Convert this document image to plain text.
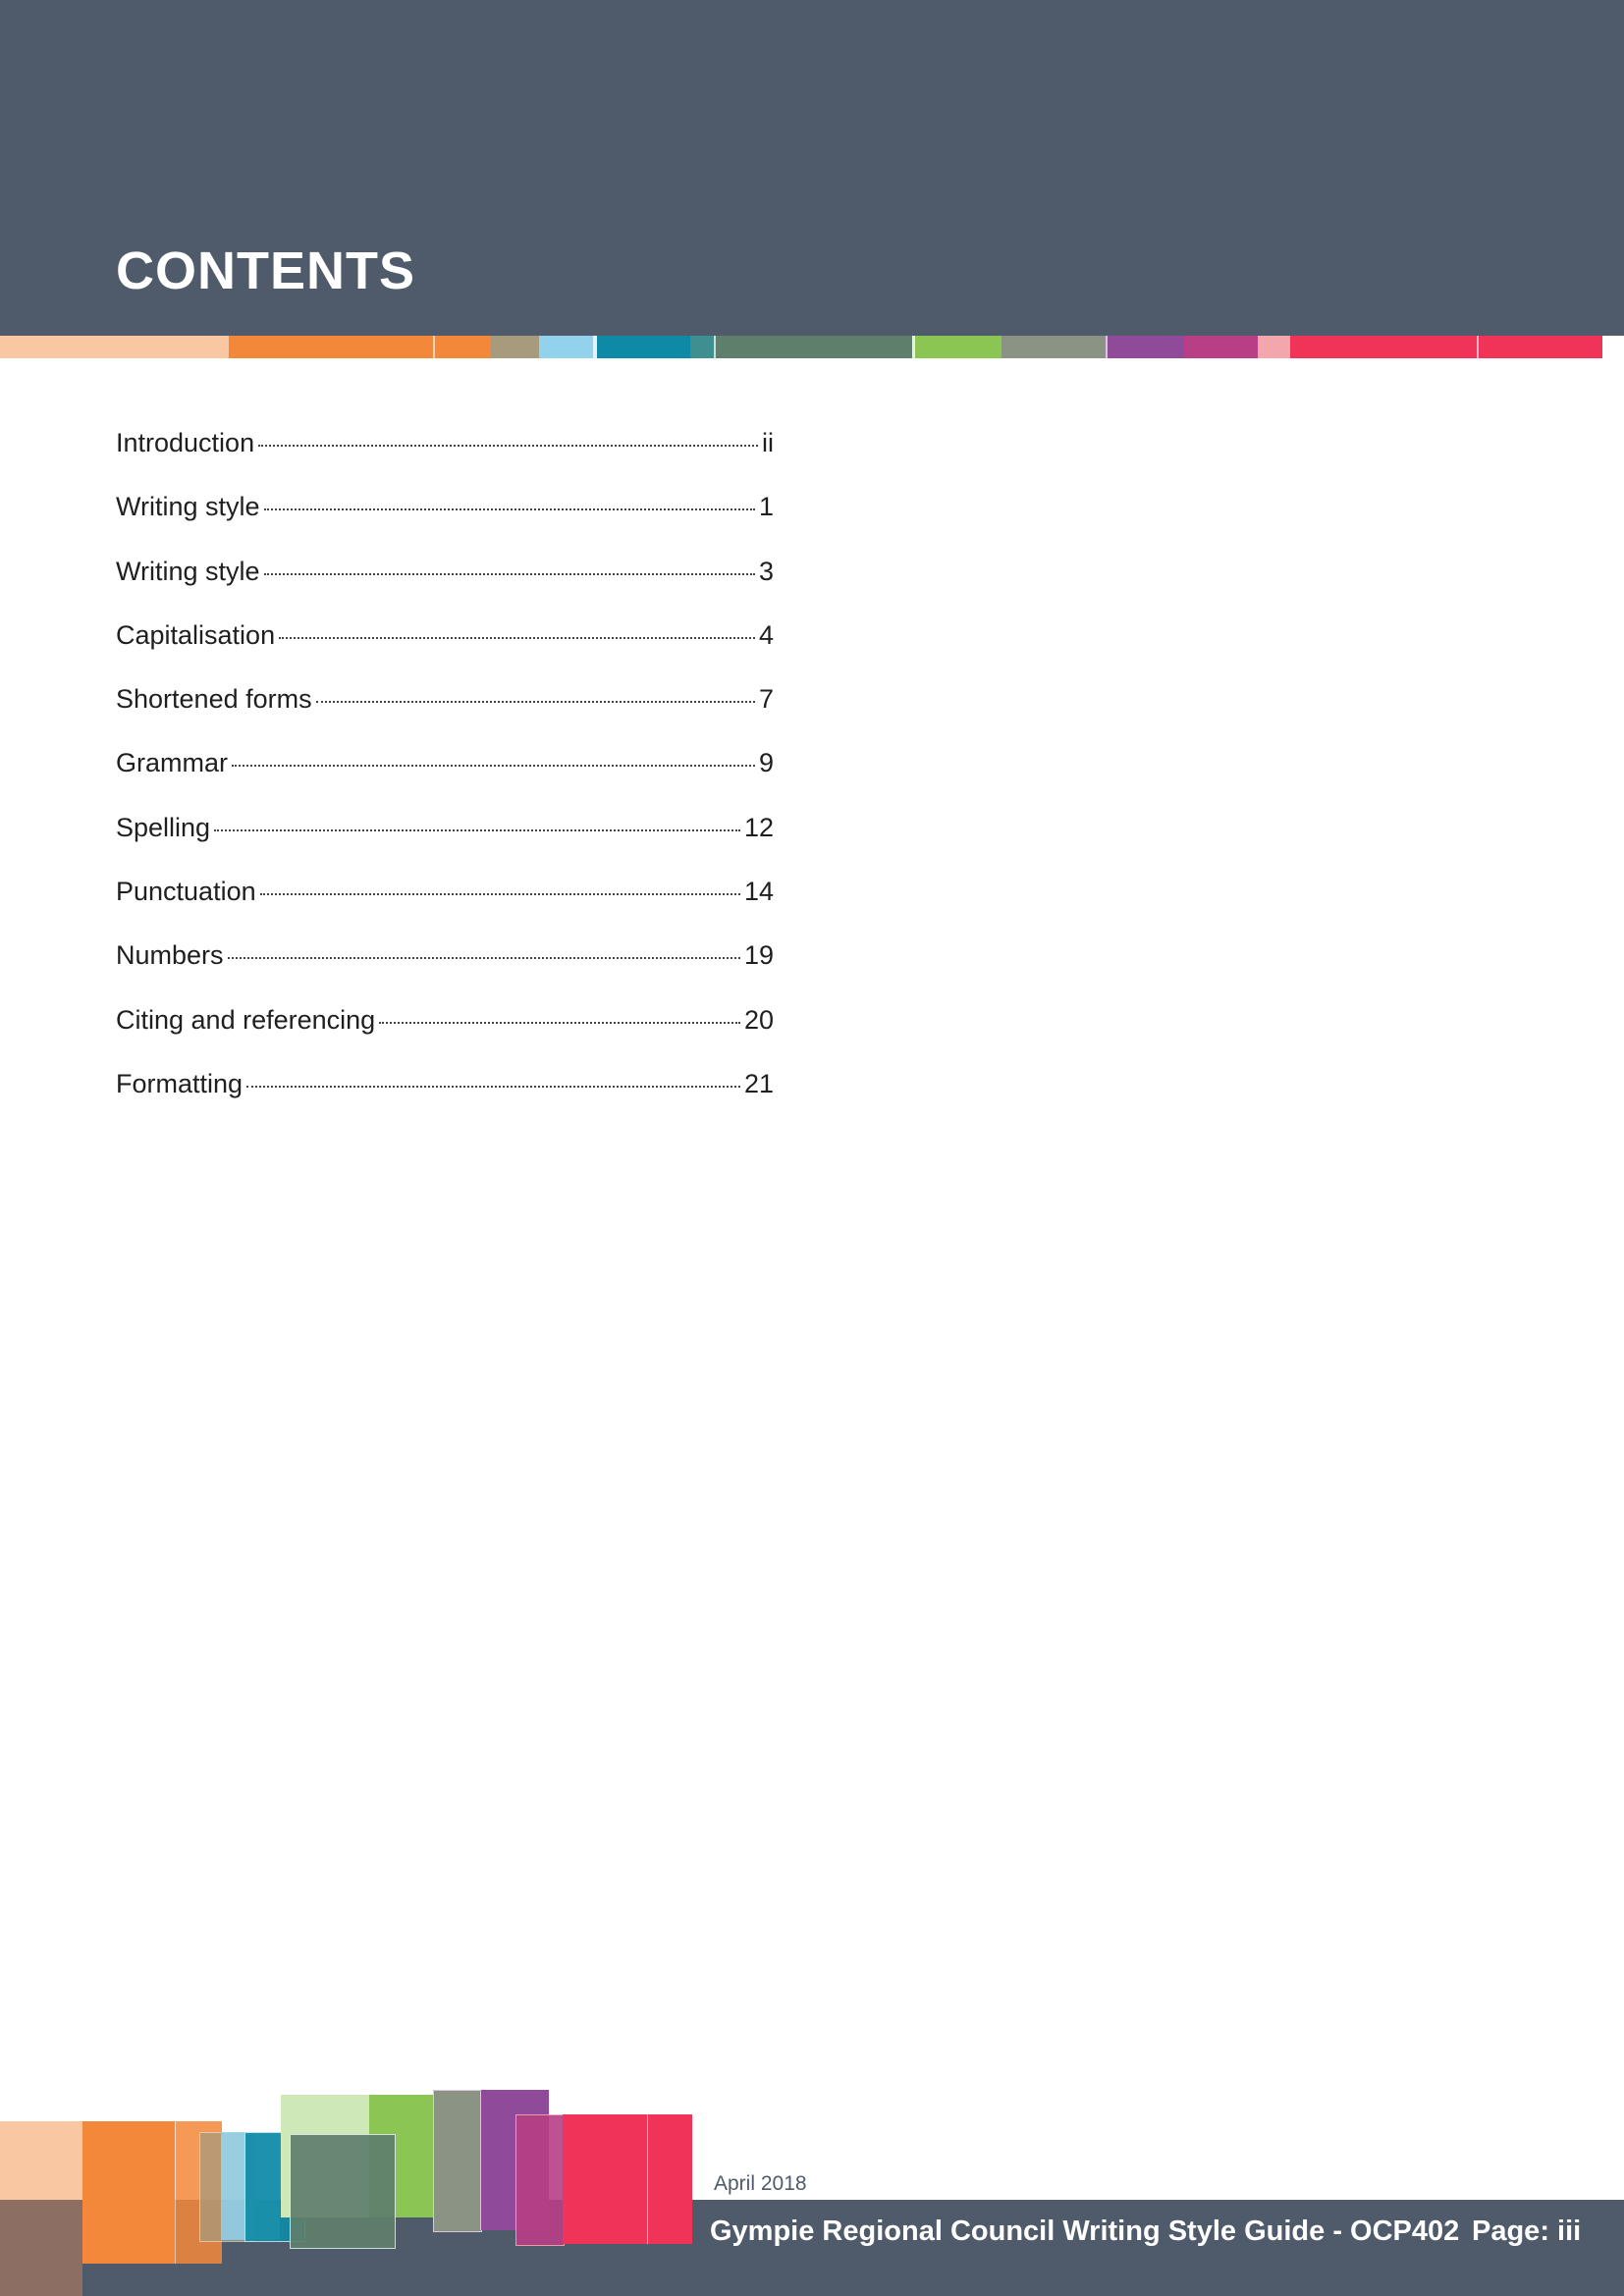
CONTENTS
Introduction	ii
Writing style	1
Writing style	3
Capitalisation	4
Shortened forms	7
Grammar	9
Spelling	12
Punctuation	14
Numbers	19
Citing and referencing	20
Formatting	21
April 2018
Gympie Regional Council Writing Style Guide - OCP402 Page: iii
